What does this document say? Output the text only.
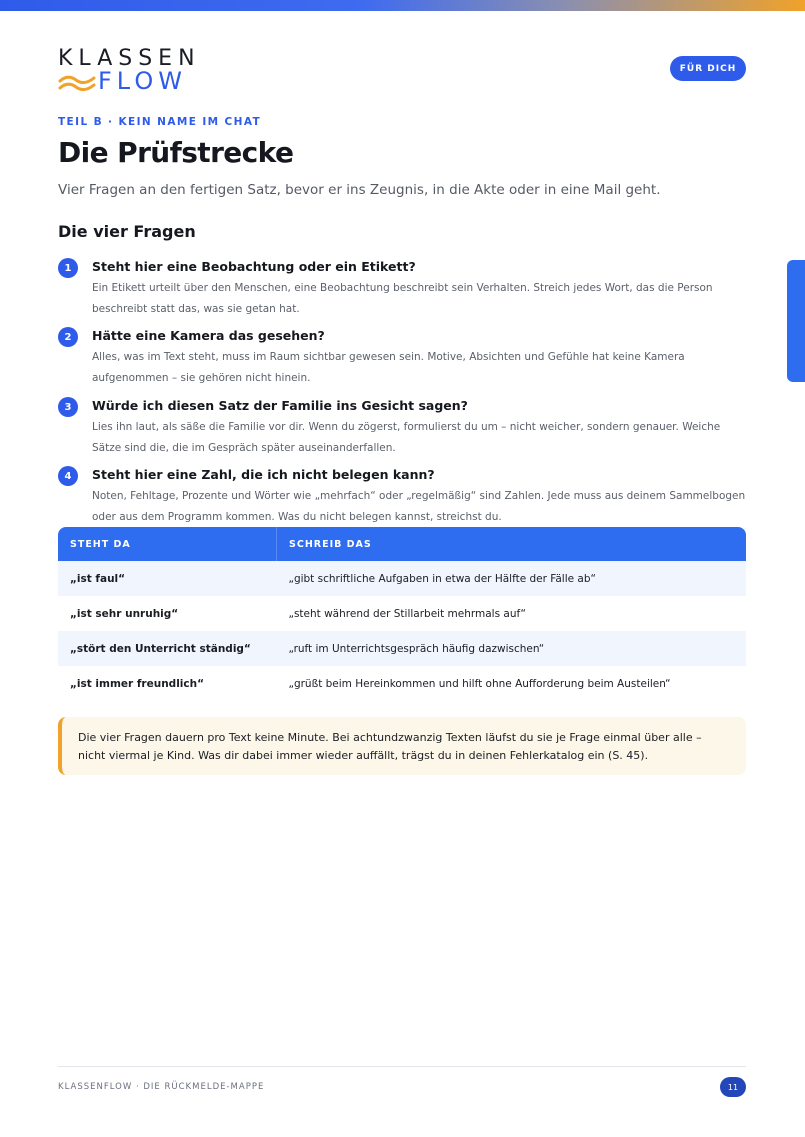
KLASSEN
FLOW	FÜR DICH
TEIL B · KEIN NAME IM CHAT
Die Prüfstrecke
Vier Fragen an den fertigen Satz, bevor er ins Zeugnis, in die Akte oder in eine Mail geht.
Die vier Fragen
1	Steht hier eine Beobachtung oder ein Etikett?
Ein Etikett urteilt über den Menschen, eine Beobachtung beschreibt sein Verhalten. Streich jedes Wort, das die Person beschreibt statt das, was sie getan hat.
2	Hätte eine Kamera das gesehen?
Alles, was im Text steht, muss im Raum sichtbar gewesen sein. Motive, Absichten und Gefühle hat keine Kamera aufgenommen – sie gehören nicht hinein.
3	Würde ich diesen Satz der Familie ins Gesicht sagen?
Lies ihn laut, als säße die Familie vor dir. Wenn du zögerst, formulierst du um – nicht weicher, sondern genauer. Weiche Sätze sind die, die im Gespräch später auseinanderfallen.
4	Steht hier eine Zahl, die ich nicht belegen kann?
Noten, Fehltage, Prozente und Wörter wie „mehrfach“ oder „regelmäßig“ sind Zahlen. Jede muss aus deinem Sammelbogen oder aus dem Programm kommen. Was du nicht belegen kannst, streichst du.
STEHT DA	SCHREIB DAS
„ist faul“	„gibt schriftliche Aufgaben in etwa der Hälfte der Fälle ab“
„ist sehr unruhig“	„steht während der Stillarbeit mehrmals auf“
„stört den Unterricht ständig“	„ruft im Unterrichtsgespräch häufig dazwischen“
„ist immer freundlich“	„grüßt beim Hereinkommen und hilft ohne Aufforderung beim Austeilen“
Die vier Fragen dauern pro Text keine Minute. Bei achtundzwanzig Texten läufst du sie je Frage einmal über alle – nicht viermal je Kind. Was dir dabei immer wieder auffällt, trägst du in deinen Fehlerkatalog ein (S. 45).
KLASSENFLOW · DIE RÜCKMELDE-MAPPE	11
